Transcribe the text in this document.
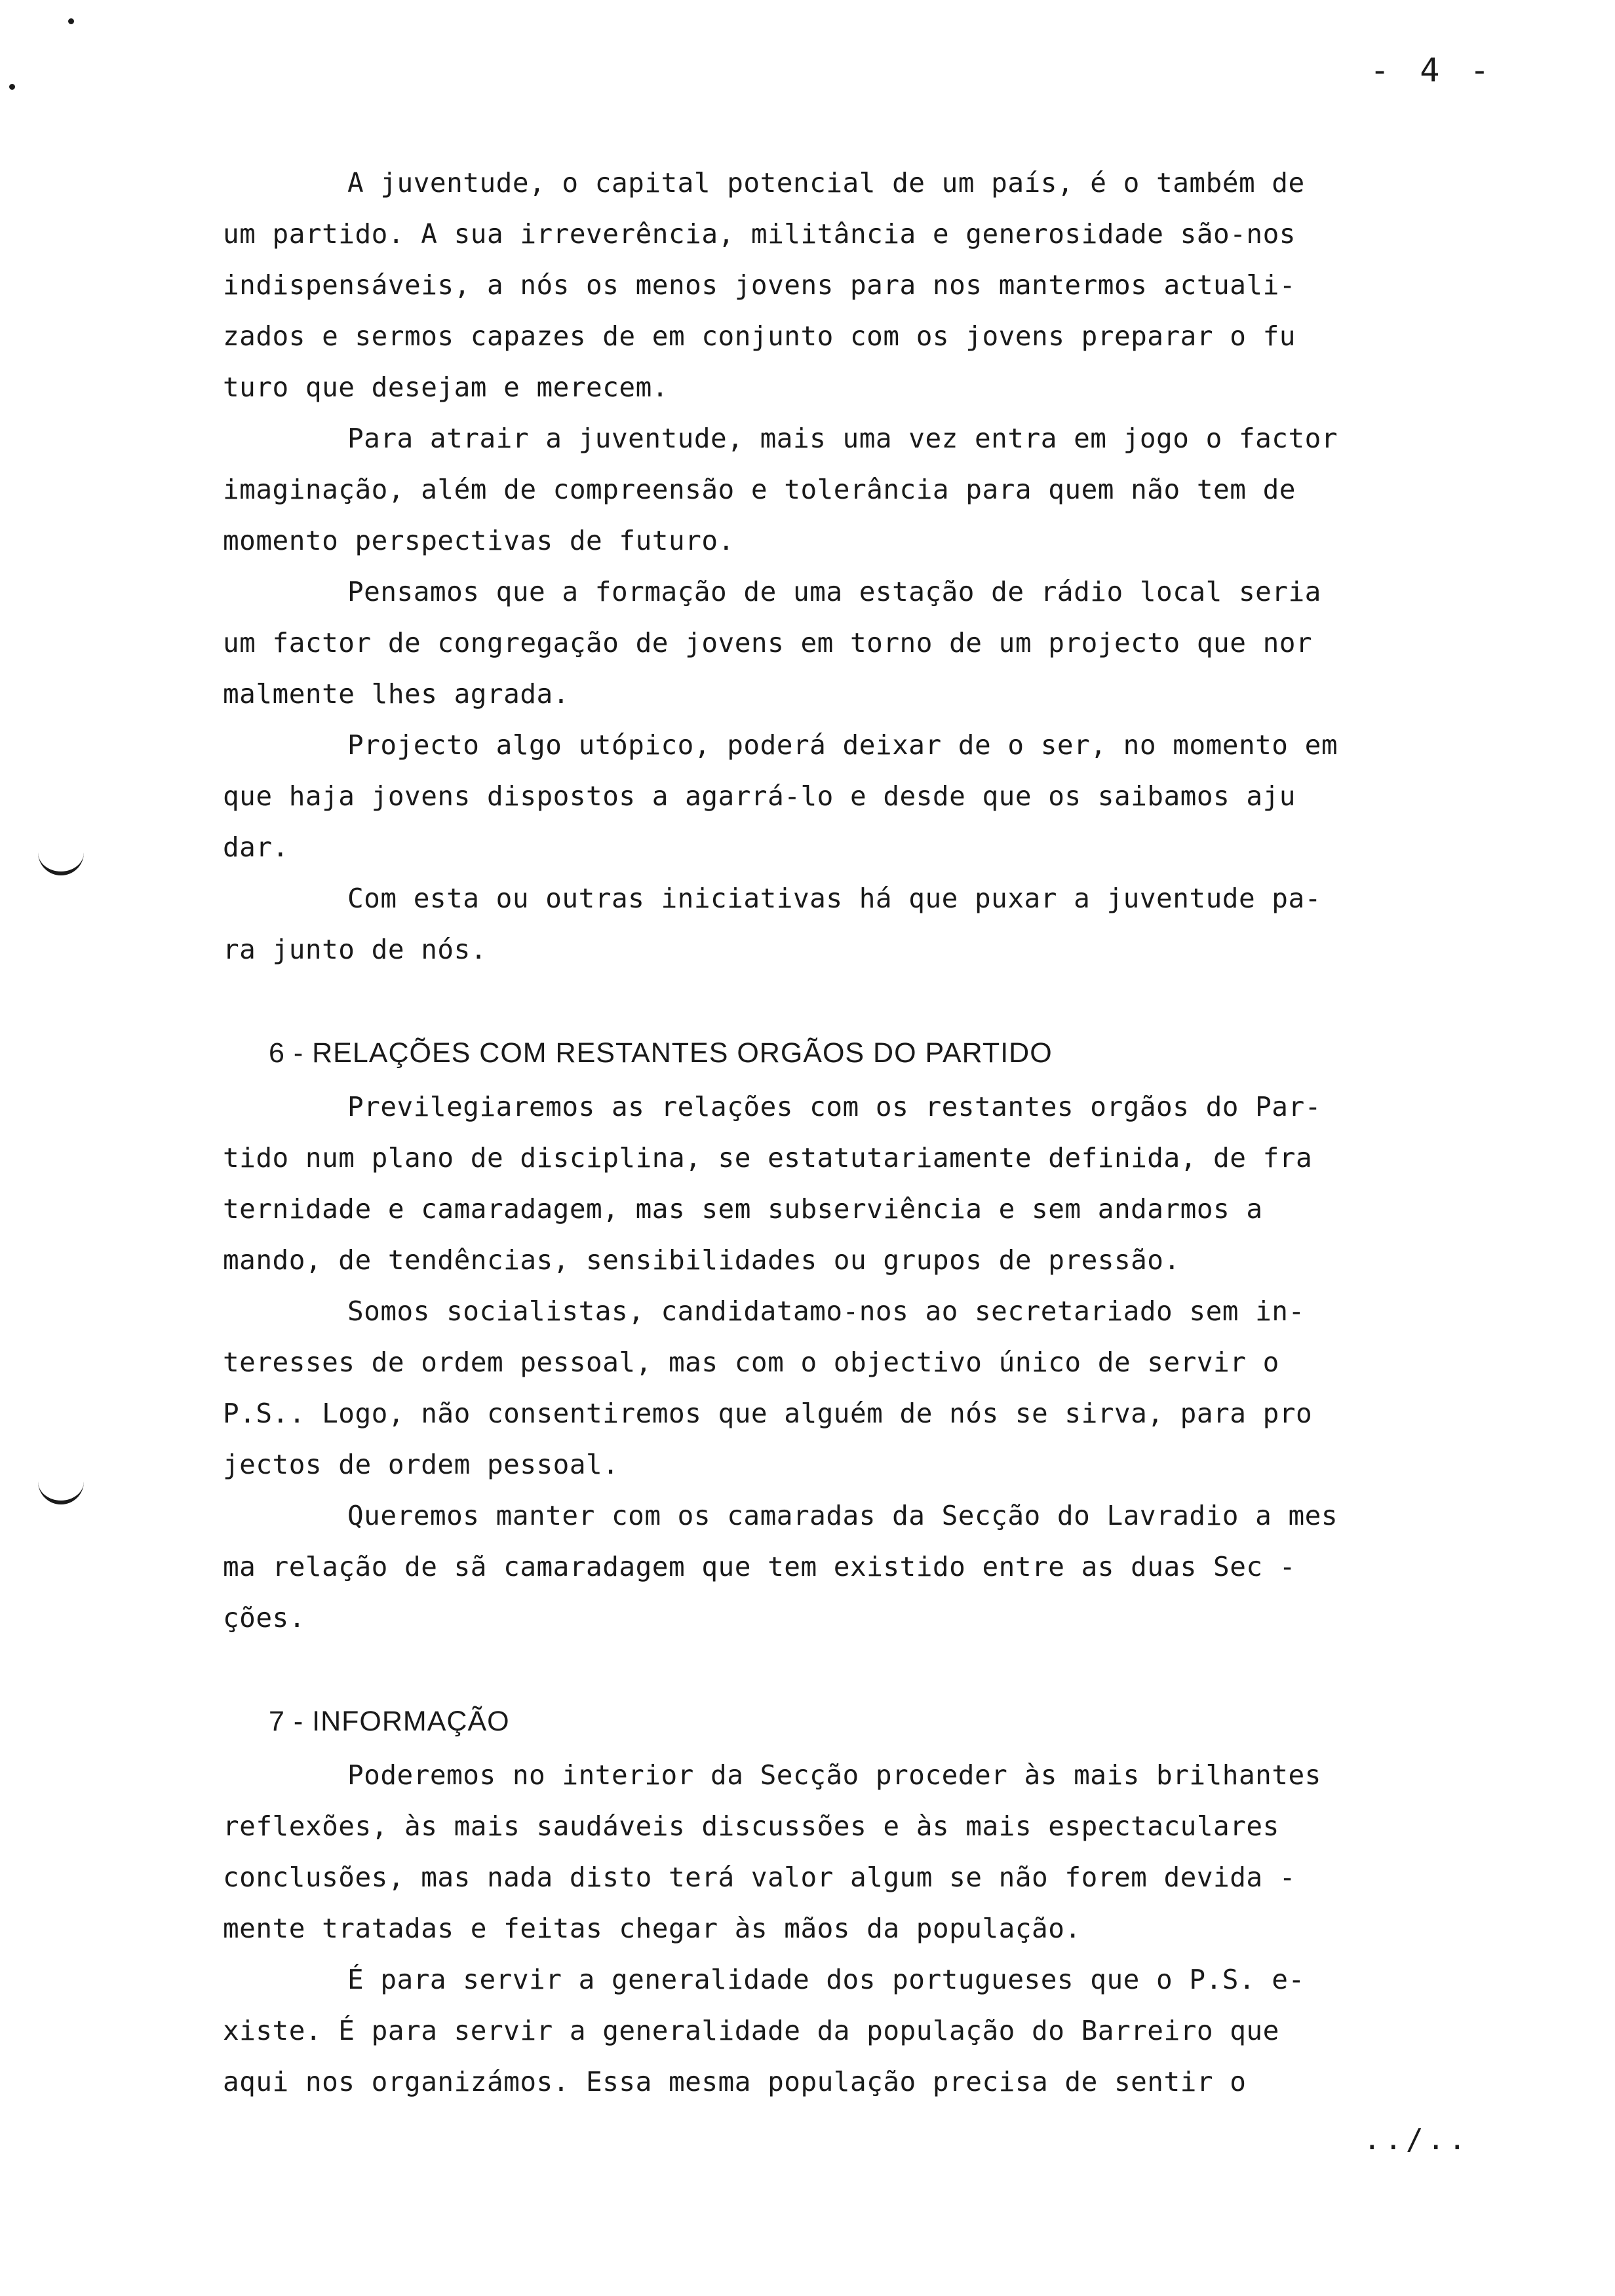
- 4 -

A juventude, o capital potencial de um país, é o também de
um partido. A sua irreverência, militância e generosidade são-nos
indispensáveis, a nós os menos jovens para nos mantermos actuali-
zados e sermos capazes de em conjunto com os jovens preparar o fu
turo que desejam e merecem.

Para atrair a juventude, mais uma vez entra em jogo o factor
imaginação, além de compreensão e tolerância para quem não tem de
momento perspectivas de futuro.

Pensamos que a formação de uma estação de rádio local seria
um factor de congregação de jovens em torno de um projecto que nor
malmente lhes agrada.

Projecto algo utópico, poderá deixar de o ser, no momento em
que haja jovens dispostos a agarrá-lo e desde que os saibamos aju
dar.

Com esta ou outras iniciativas há que puxar a juventude pa-
ra junto de nós.

6 - RELAÇÕES COM RESTANTES ORGÃOS DO PARTIDO

Previlegiaremos as relações com os restantes orgãos do Par-
tido num plano de disciplina, se estatutariamente definida, de fra
ternidade e camaradagem, mas sem subserviência e sem andarmos a
mando, de tendências, sensibilidades ou grupos de pressão.

Somos socialistas, candidatamo-nos ao secretariado sem in-
teresses de ordem pessoal, mas com o objectivo único de servir o
P.S.. Logo, não consentiremos que alguém de nós se sirva, para pro
jectos de ordem pessoal.

Queremos manter com os camaradas da Secção do Lavradio a mes
ma relação de sã camaradagem que tem existido entre as duas Sec -
ções.

7 - INFORMAÇÃO

Poderemos no interior da Secção proceder às mais brilhantes
reflexões, às mais saudáveis discussões e às mais espectaculares
conclusões, mas nada disto terá valor algum se não forem devida -
mente tratadas e feitas chegar às mãos da população.

É para servir a generalidade dos portugueses que o P.S. e-
xiste. É para servir a generalidade da população do Barreiro que
aqui nos organizámos. Essa mesma população precisa de sentir o

../..
